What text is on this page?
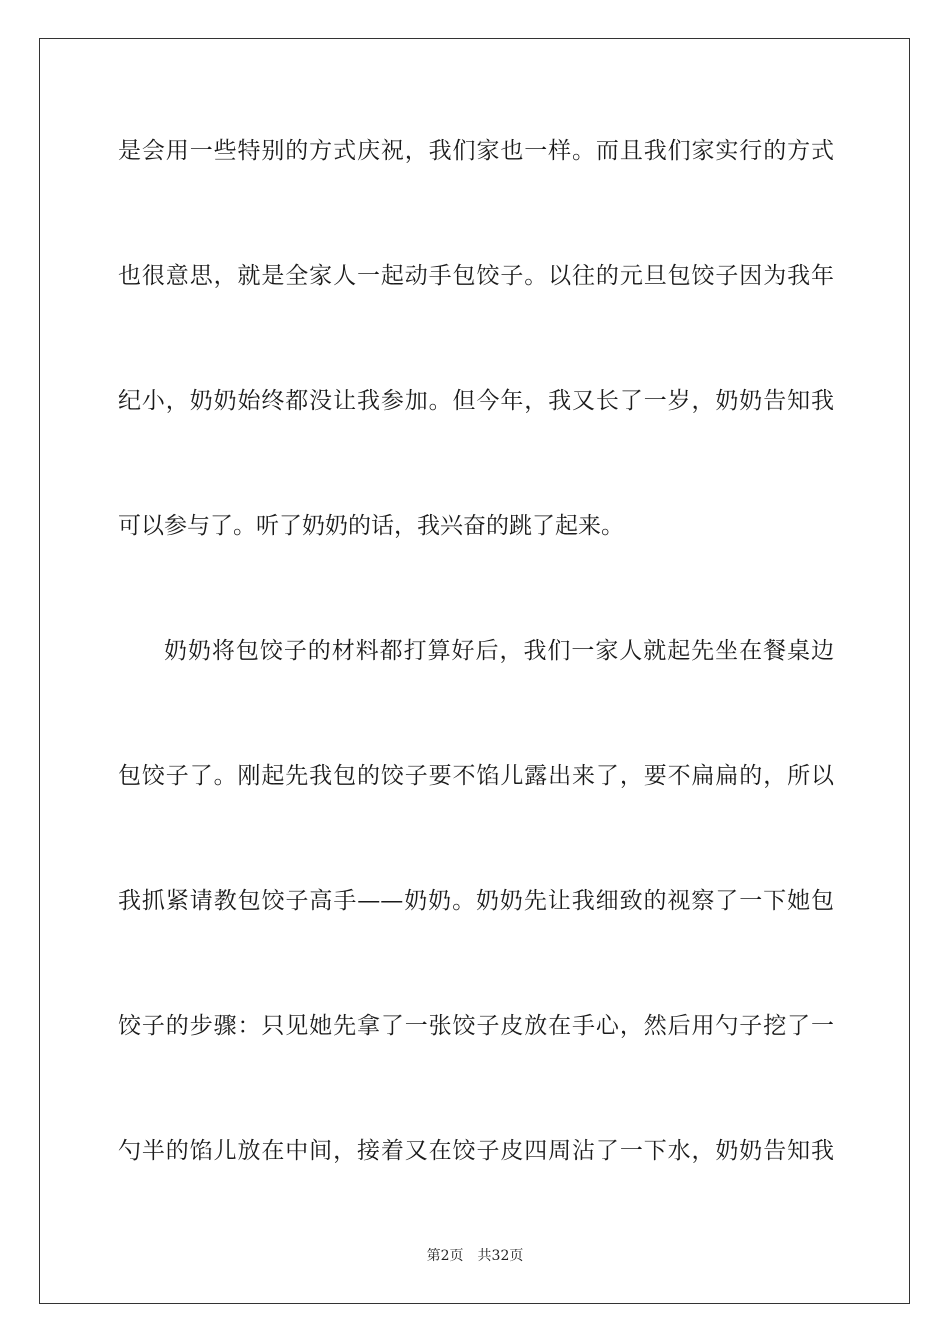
是会用一些特别的方式庆祝，我们家也一样。而且我们家实行的方式
也很意思，就是全家人一起动手包饺子。以往的元旦包饺子因为我年
纪小，奶奶始终都没让我参加。但今年，我又长了一岁，奶奶告知我
可以参与了。听了奶奶的话，我兴奋的跳了起来。
奶奶将包饺子的材料都打算好后，我们一家人就起先坐在餐桌边
包饺子了。刚起先我包的饺子要不馅儿露出来了，要不扁扁的，所以
我抓紧请教包饺子高手——奶奶。奶奶先让我细致的视察了一下她包
饺子的步骤：只见她先拿了一张饺子皮放在手心，然后用勺子挖了一
勺半的馅儿放在中间，接着又在饺子皮四周沾了一下水，奶奶告知我
第2页 共32页
